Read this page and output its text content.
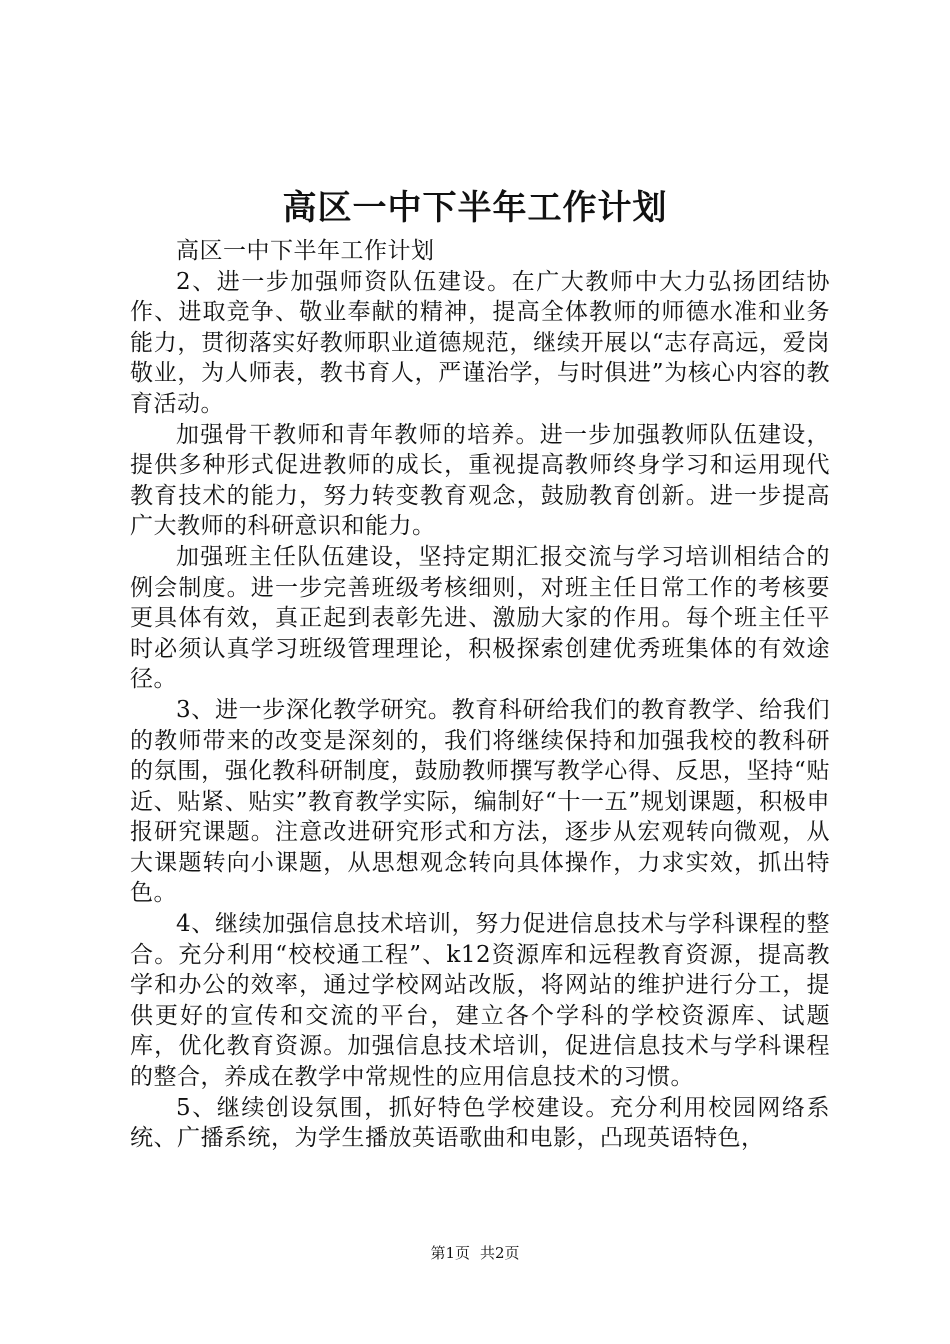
高区一中下半年工作计划

高区一中下半年工作计划

2、进一步加强师资队伍建设。在广大教师中大力弘扬团结协作、进取竞争、敬业奉献的精神，提高全体教师的师德水准和业务能力，贯彻落实好教师职业道德规范，继续开展以“志存高远，爱岗敬业，为人师表，教书育人，严谨治学，与时俱进”为核心内容的教育活动。

加强骨干教师和青年教师的培养。进一步加强教师队伍建设，提供多种形式促进教师的成长，重视提高教师终身学习和运用现代教育技术的能力，努力转变教育观念，鼓励教育创新。进一步提高广大教师的科研意识和能力。

加强班主任队伍建设，坚持定期汇报交流与学习培训相结合的例会制度。进一步完善班级考核细则，对班主任日常工作的考核要更具体有效，真正起到表彰先进、激励大家的作用。每个班主任平时必须认真学习班级管理理论，积极探索创建优秀班集体的有效途径。

3、进一步深化教学研究。教育科研给我们的教育教学、给我们的教师带来的改变是深刻的，我们将继续保持和加强我校的教科研的氛围，强化教科研制度，鼓励教师撰写教学心得、反思，坚持“贴近、贴紧、贴实”教育教学实际，编制好“十一五”规划课题，积极申报研究课题。注意改进研究形式和方法，逐步从宏观转向微观，从大课题转向小课题，从思想观念转向具体操作，力求实效，抓出特色。

4、继续加强信息技术培训，努力促进信息技术与学科课程的整合。充分利用“校校通工程”、k12资源库和远程教育资源，提高教学和办公的效率，通过学校网站改版，将网站的维护进行分工，提供更好的宣传和交流的平台，建立各个学科的学校资源库、试题库，优化教育资源。加强信息技术培训，促进信息技术与学科课程的整合，养成在教学中常规性的应用信息技术的习惯。

5、继续创设氛围，抓好特色学校建设。充分利用校园网络系统、广播系统，为学生播放英语歌曲和电影，凸现英语特色，

第1页 共2页
